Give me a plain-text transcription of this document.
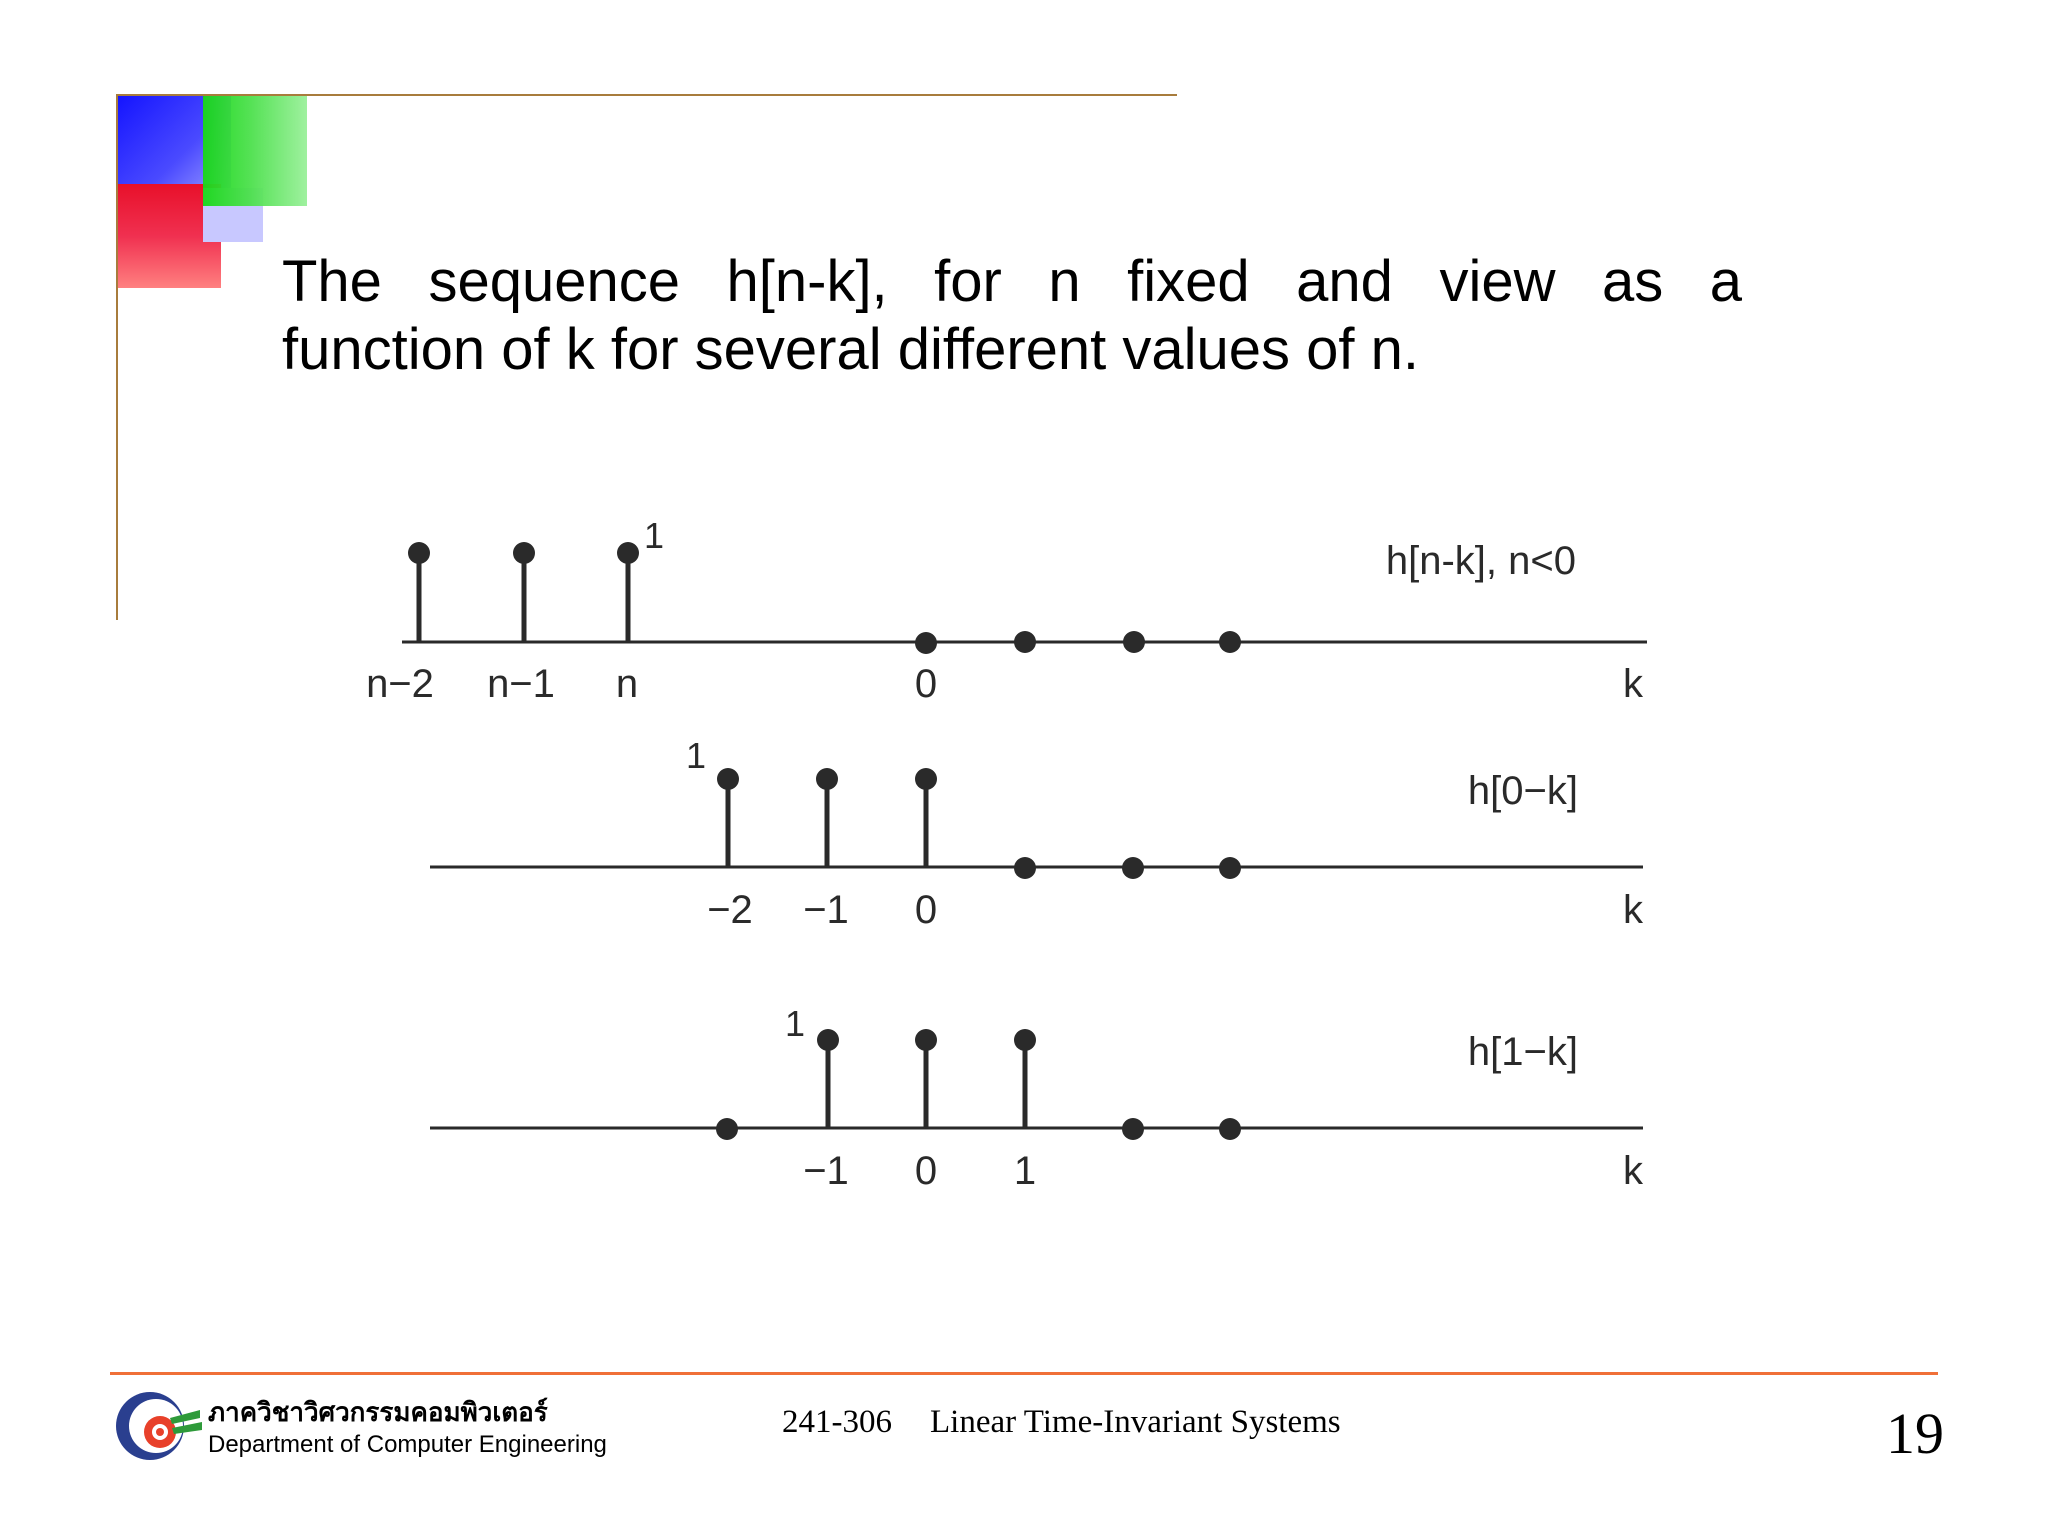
The sequence h[n-k], for n fixed and view as a
function of k for several different values of n.

1
n−2 n−1 n	0	k
h[n-k], n<0
1
−2 −1 0	k
h[0−k]
1
−1 0 1	k
h[1−k]
ภาควิชาวิศวกรรมคอมพิวเตอร์
Department of Computer Engineering
241-306 Linear Time-Invariant Systems	19
